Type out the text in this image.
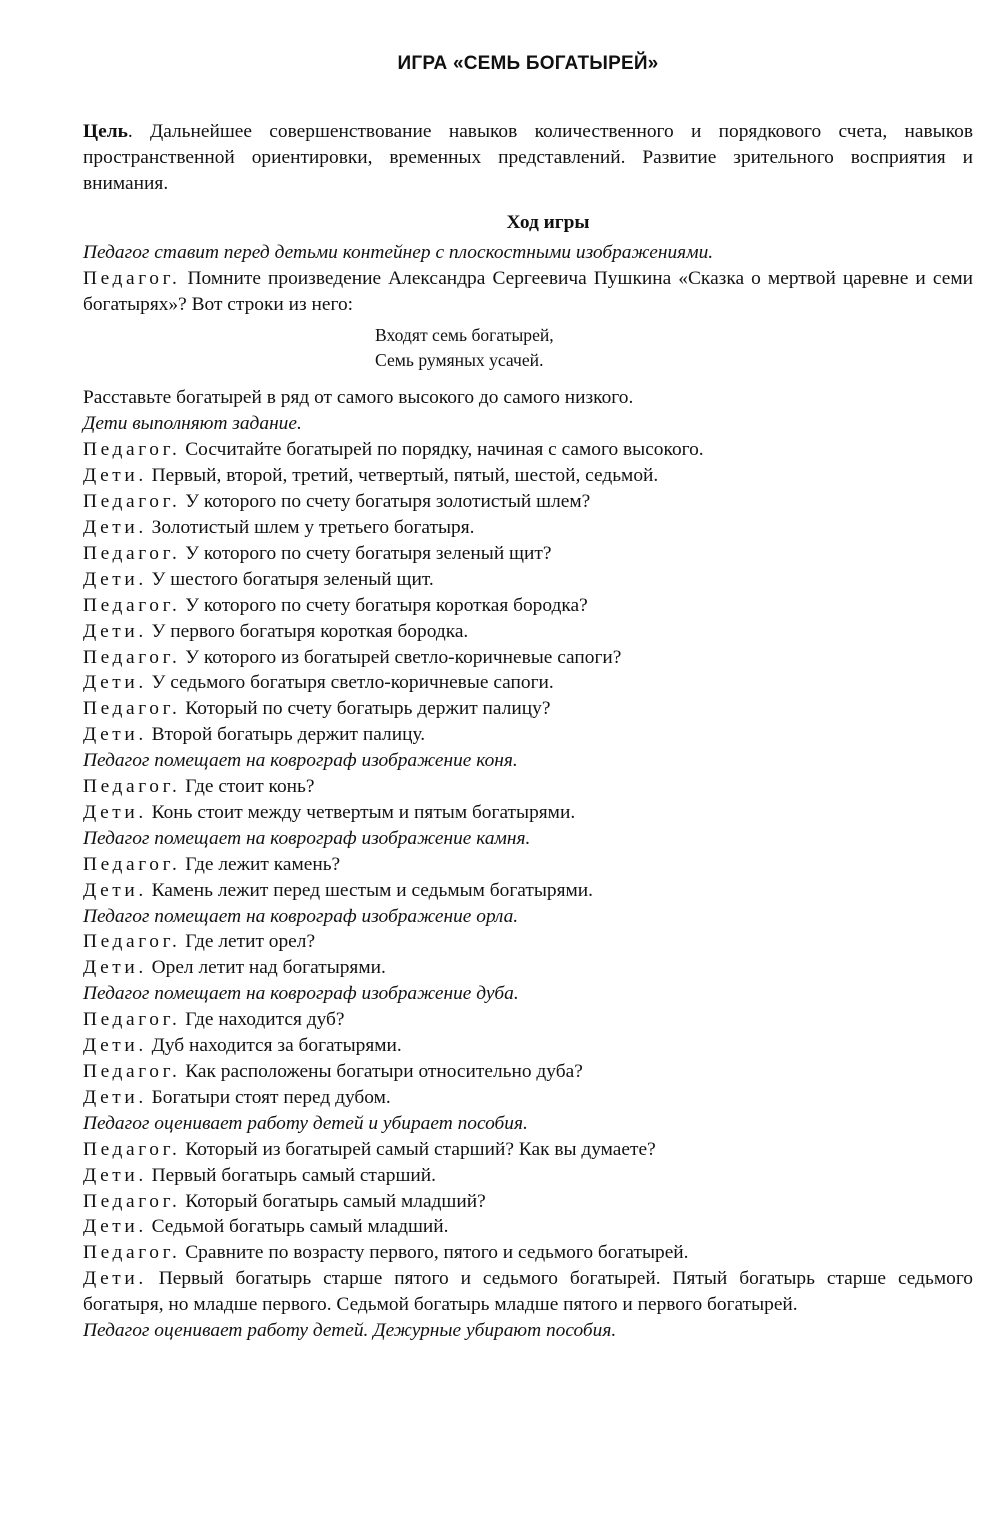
ИГРА «СЕМЬ БОГАТЫРЕЙ»

Цель. Дальнейшее совершенствование навыков количественного и порядкового счета, навыков пространственной ориентировки, временных представлений. Развитие зрительного восприятия и внимания.

Ход игры

Педагог ставит перед детьми контейнер с плоскостными изображениями.

Педагог. Помните произведение Александра Сергеевича Пушкина «Сказка о мертвой царевне и семи богатырях»? Вот строки из него:

Входят семь богатырей,
Семь румяных усачей.

Расставьте богатырей в ряд от самого высокого до самого низкого.

Дети выполняют задание.

Педагог. Сосчитайте богатырей по порядку, начиная с самого высокого.

Дети. Первый, второй, третий, четвертый, пятый, шестой, седьмой.

Педагог. У которого по счету богатыря золотистый шлем?

Дети. Золотистый шлем у третьего богатыря.

Педагог. У которого по счету богатыря зеленый щит?

Дети. У шестого богатыря зеленый щит.

Педагог. У которого по счету богатыря короткая бородка?

Дети. У первого богатыря короткая бородка.

Педагог. У которого из богатырей светло-коричневые сапоги?

Дети. У седьмого богатыря светло-коричневые сапоги.

Педагог. Который по счету богатырь держит палицу?

Дети. Второй богатырь держит палицу.

Педагог помещает на коврограф изображение коня.

Педагог. Где стоит конь?

Дети. Конь стоит между четвертым и пятым богатырями.

Педагог помещает на коврограф изображение камня.

Педагог. Где лежит камень?

Дети. Камень лежит перед шестым и седьмым богатырями.

Педагог помещает на коврограф изображение орла.

Педагог. Где летит орел?

Дети. Орел летит над богатырями.

Педагог помещает на коврограф изображение дуба.

Педагог. Где находится дуб?

Дети. Дуб находится за богатырями.

Педагог. Как расположены богатыри относительно дуба?

Дети. Богатыри стоят перед дубом.

Педагог оценивает работу детей и убирает пособия.

Педагог. Который из богатырей самый старший? Как вы думаете?

Дети. Первый богатырь самый старший.

Педагог. Который богатырь самый младший?

Дети. Седьмой богатырь самый младший.

Педагог. Сравните по возрасту первого, пятого и седьмого богатырей.

Дети. Первый богатырь старше пятого и седьмого богатырей. Пятый богатырь старше седьмого богатыря, но младше первого. Седьмой богатырь младше пятого и первого богатырей.

Педагог оценивает работу детей. Дежурные убирают пособия.
